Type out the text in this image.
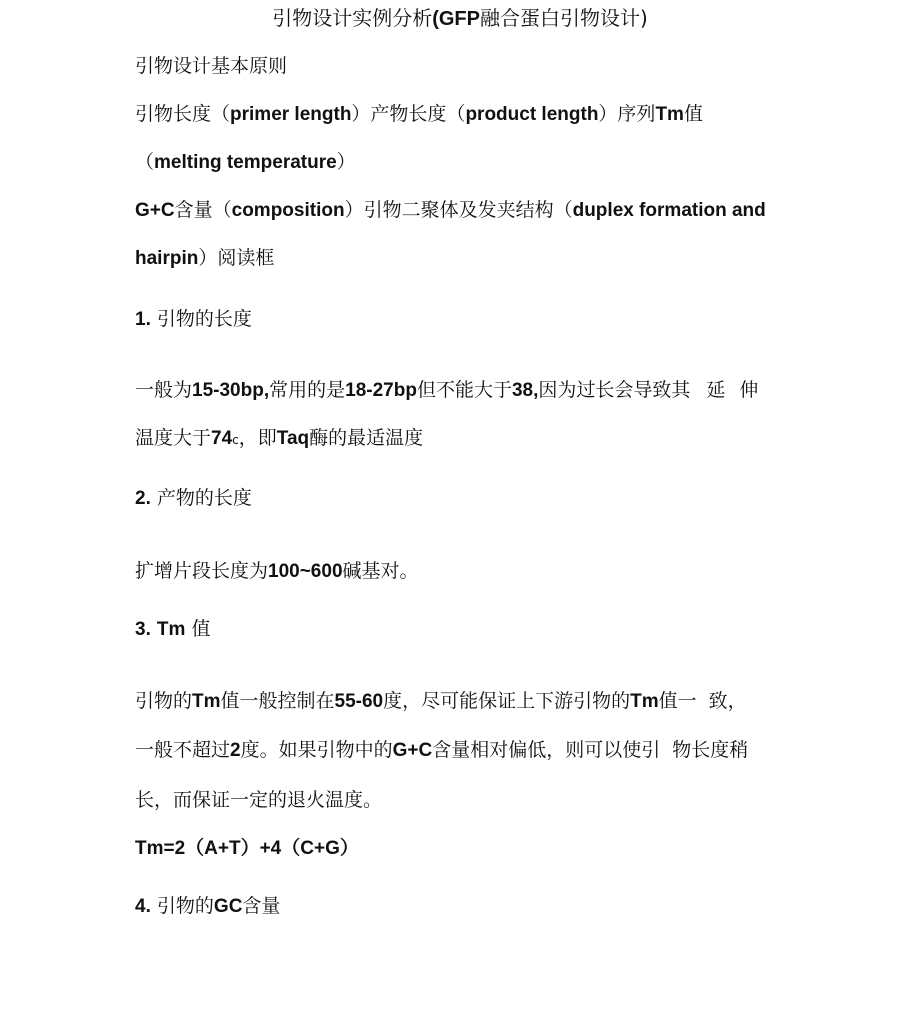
引物设计实例分析(GFP融合蛋白引物设计)
引物设计基本原则
引物长度（primer length）产物长度（product length）序列Tm值
（melting temperature）
G+C含量（composition）引物二聚体及发夹结构（duplex formation and
hairpin）阅读框
1. 引物的长度
一般为15-30bp,常用的是18-27bp但不能大于38,因为过长会导致其 延 伸
温度大于74c，即Taq酶的最适温度
2. 产物的长度
扩增片段长度为100~600碱基对。
3. Tm 值
引物的Tm值一般控制在55-60度，尽可能保证上下游引物的Tm值一 致，
一般不超过2度。如果引物中的G+C含量相对偏低，则可以使引 物长度稍
长，而保证一定的退火温度。
Tm=2（A+T）+4（C+G）
4. 引物的GC含量
